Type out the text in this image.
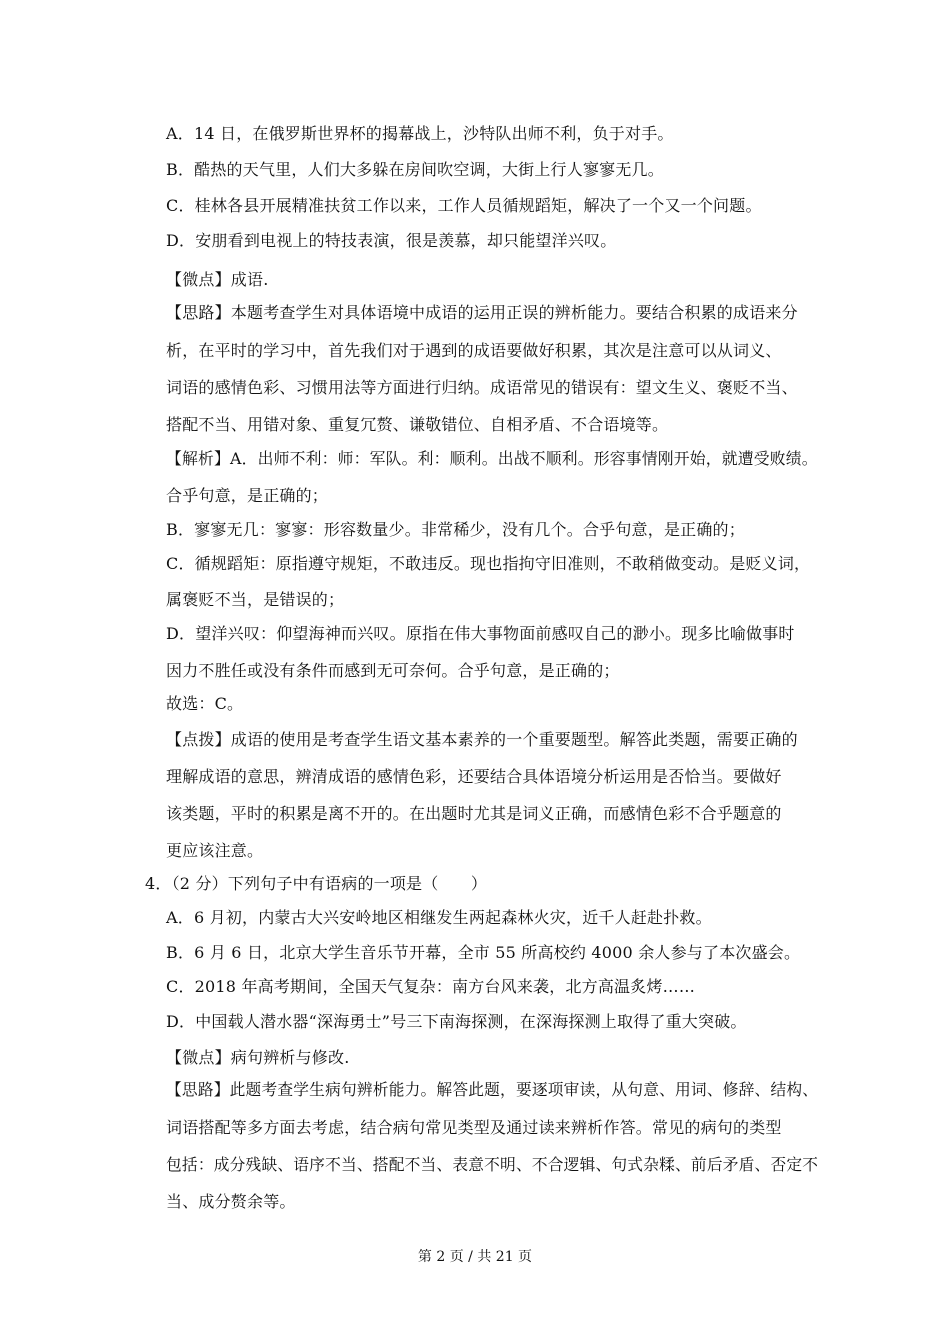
A．14 日，在俄罗斯世界杯的揭幕战上，沙特队出师不利，负于对手。
B．酷热的天气里，人们大多躲在房间吹空调，大街上行人寥寥无几。
C．桂林各县开展精准扶贫工作以来，工作人员循规蹈矩，解决了一个又一个问题。
D．安朋看到电视上的特技表演，很是羡慕，却只能望洋兴叹。
【微点】成语.
【思路】本题考查学生对具体语境中成语的运用正误的辨析能力。要结合积累的成语来分
析，在平时的学习中，首先我们对于遇到的成语要做好积累，其次是注意可以从词义、
词语的感情色彩、习惯用法等方面进行归纳。成语常见的错误有：望文生义、褒贬不当、
搭配不当、用错对象、重复冗赘、谦敬错位、自相矛盾、不合语境等。
【解析】A．出师不利：师：军队。利：顺利。出战不顺利。形容事情刚开始，就遭受败绩。
合乎句意，是正确的；
B．寥寥无几：寥寥：形容数量少。非常稀少，没有几个。合乎句意，是正确的；
C．循规蹈矩：原指遵守规矩，不敢违反。现也指拘守旧准则，不敢稍做变动。是贬义词，
属褒贬不当，是错误的；
D．望洋兴叹：仰望海神而兴叹。原指在伟大事物面前感叹自己的渺小。现多比喻做事时
因力不胜任或没有条件而感到无可奈何。合乎句意，是正确的；
故选：C。
【点拨】成语的使用是考查学生语文基本素养的一个重要题型。解答此类题，需要正确的
理解成语的意思，辨清成语的感情色彩，还要结合具体语境分析运用是否恰当。要做好
该类题，平时的积累是离不开的。在出题时尤其是词义正确，而感情色彩不合乎题意的
更应该注意。
4．（2 分）下列句子中有语病的一项是（　　）
A．6 月初，内蒙古大兴安岭地区相继发生两起森林火灾，近千人赶赴扑救。
B．6 月 6 日，北京大学生音乐节开幕，全市 55 所高校约 4000 余人参与了本次盛会。
C．2018 年高考期间，全国天气复杂：南方台风来袭，北方高温炙烤……
D．中国载人潜水器“深海勇士”号三下南海探测，在深海探测上取得了重大突破。
【微点】病句辨析与修改.
【思路】此题考查学生病句辨析能力。解答此题，要逐项审读，从句意、用词、修辞、结构、
词语搭配等多方面去考虑，结合病句常见类型及通过读来辨析作答。常见的病句的类型
包括：成分残缺、语序不当、搭配不当、表意不明、不合逻辑、句式杂糅、前后矛盾、否定不
当、成分赘余等。
第 2 页 / 共 21 页
